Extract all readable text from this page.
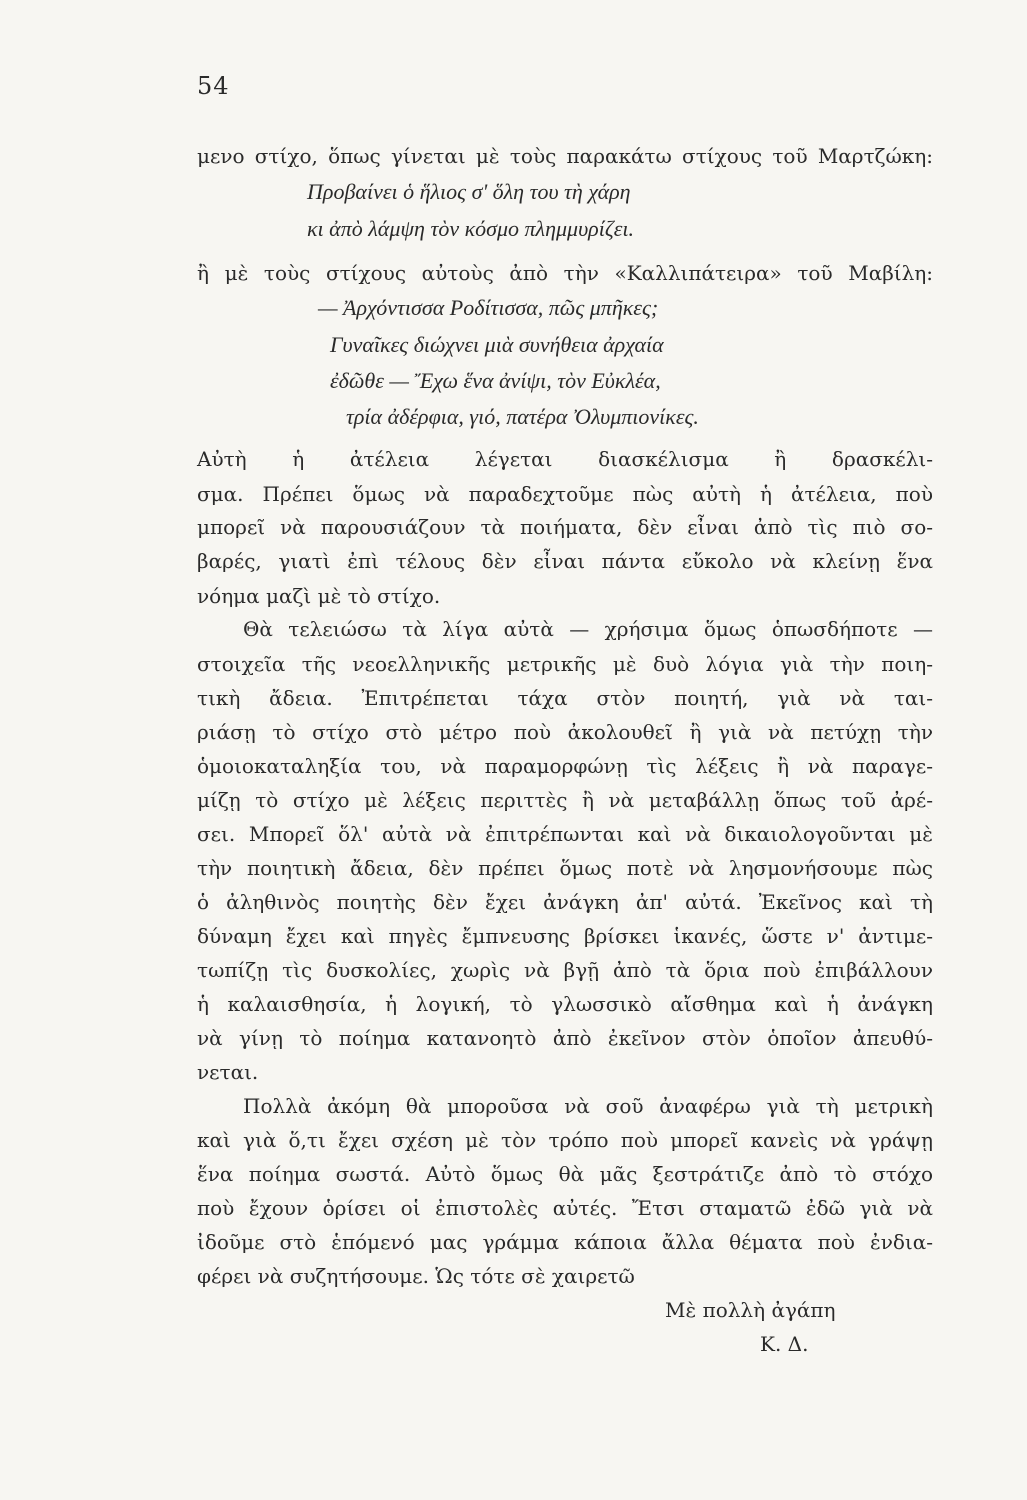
54
μενο στίχο, ὅπως γίνεται μὲ τοὺς παρακάτω στίχους τοῦ Μαρτζώκη:
Προβαίνει ὁ ἥλιος σ' ὅλη του τὴ χάρη
κι ἀπὸ λάμψη τὸν κόσμο πλημμυρίζει.
ἢ μὲ τοὺς στίχους αὐτοὺς ἀπὸ τὴν «Καλλιπάτειρα» τοῦ Μαβίλη:
— Ἀρχόντισσα Ροδίτισσα, πῶς μπῆκες;
Γυναῖκες διώχνει μιὰ συνήθεια ἀρχαία
ἐδῶθε — Ἔχω ἕνα ἀνίψι, τὸν Εὐκλέα,
τρία ἀδέρφια, γιό, πατέρα Ὀλυμπιονίκες.
Αὐτὴ ἡ ἀτέλεια λέγεται διασκέλισμα ἢ δρασκέλι-
σμα. Πρέπει ὅμως νὰ παραδεχτοῦμε πὼς αὐτὴ ἡ ἀτέλεια, ποὺ
μπορεῖ νὰ παρουσιάζουν τὰ ποιήματα, δὲν εἶναι ἀπὸ τὶς πιὸ σο-
βαρές, γιατὶ ἐπὶ τέλους δὲν εἶναι πάντα εὔκολο νὰ κλείνῃ ἕνα
νόημα μαζὶ μὲ τὸ στίχο.
Θὰ τελειώσω τὰ λίγα αὐτὰ — χρήσιμα ὅμως ὁπωσδήποτε —
στοιχεῖα τῆς νεοελληνικῆς μετρικῆς μὲ δυὸ λόγια γιὰ τὴν ποιη-
τικὴ ἄδεια. Ἐπιτρέπεται τάχα στὸν ποιητή, γιὰ νὰ ται-
ριάσῃ τὸ στίχο στὸ μέτρο ποὺ ἀκολουθεῖ ἢ γιὰ νὰ πετύχῃ τὴν
ὁμοιοκαταληξία του, νὰ παραμορφώνῃ τὶς λέξεις ἢ νὰ παραγε-
μίζῃ τὸ στίχο μὲ λέξεις περιττὲς ἢ νὰ μεταβάλλῃ ὅπως τοῦ ἀρέ-
σει. Μπορεῖ ὅλ' αὐτὰ νὰ ἐπιτρέπωνται καὶ νὰ δικαιολογοῦνται μὲ
τὴν ποιητικὴ ἄδεια, δὲν πρέπει ὅμως ποτὲ νὰ λησμονήσουμε πὼς
ὁ ἀληθινὸς ποιητὴς δὲν ἔχει ἀνάγκη ἀπ' αὐτά. Ἐκεῖνος καὶ τὴ
δύναμη ἔχει καὶ πηγὲς ἔμπνευσης βρίσκει ἱκανές, ὥστε ν' ἀντιμε-
τωπίζῃ τὶς δυσκολίες, χωρὶς νὰ βγῇ ἀπὸ τὰ ὅρια ποὺ ἐπιβάλλουν
ἡ καλαισθησία, ἡ λογική, τὸ γλωσσικὸ αἴσθημα καὶ ἡ ἀνάγκη
νὰ γίνῃ τὸ ποίημα κατανοητὸ ἀπὸ ἐκεῖνον στὸν ὁποῖον ἀπευθύ-
νεται.
Πολλὰ ἀκόμη θὰ μποροῦσα νὰ σοῦ ἀναφέρω γιὰ τὴ μετρικὴ
καὶ γιὰ ὅ,τι ἔχει σχέση μὲ τὸν τρόπο ποὺ μπορεῖ κανεὶς νὰ γράψῃ
ἕνα ποίημα σωστά. Αὐτὸ ὅμως θὰ μᾶς ξεστράτιζε ἀπὸ τὸ στόχο
ποὺ ἔχουν ὁρίσει οἱ ἐπιστολὲς αὐτές. Ἔτσι σταματῶ ἐδῶ γιὰ νὰ
ἰδοῦμε στὸ ἑπόμενό μας γράμμα κάποια ἄλλα θέματα ποὺ ἐνδια-
φέρει νὰ συζητήσουμε. Ὡς τότε σὲ χαιρετῶ
Μὲ πολλὴ ἀγάπη
Κ. Δ.
